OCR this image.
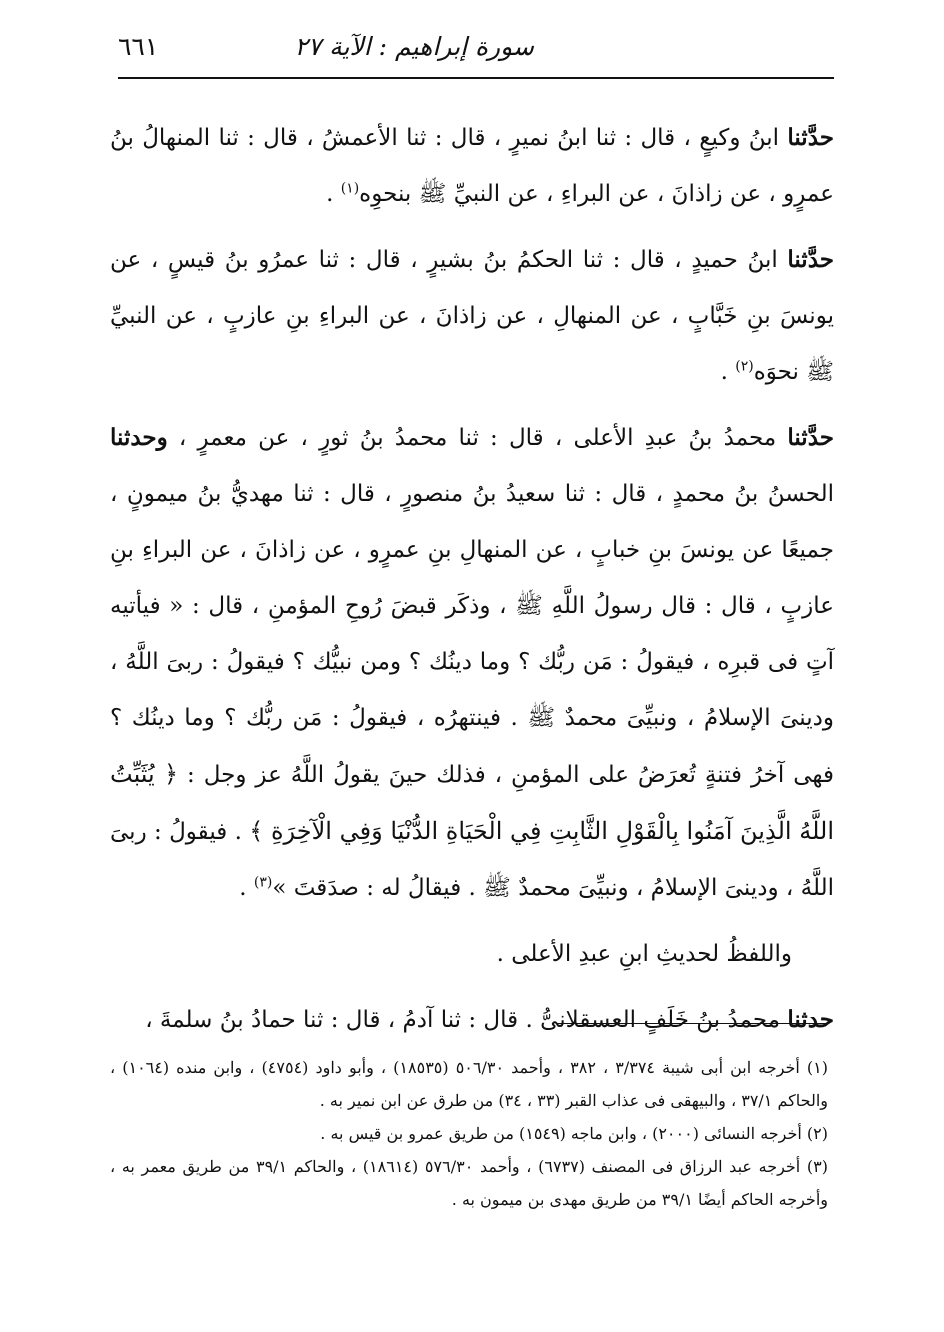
سورة إبراهيم : الآية ٢٧
٦٦١

حدَّثنا ابنُ وكيعٍ ، قال : ثنا ابنُ نميرٍ ، قال : ثنا الأعمشُ ، قال : ثنا المنهالُ بنُ عمرٍو ، عن زاذانَ ، عن البراءِ ، عن النبيِّ ﷺ بنحوِه$^{(١)}$ .

حدَّثنا ابنُ حميدٍ ، قال : ثنا الحكمُ بنُ بشيرٍ ، قال : ثنا عمرُو بنُ قيسٍ ، عن يونسَ بنِ خَبَّابٍ ، عن المنهالِ ، عن زاذانَ ، عن البراءِ بنِ عازبٍ ، عن النبيِّ ﷺ نحوَه$^{(٢)}$ .

حدَّثنا محمدُ بنُ عبدِ الأعلى ، قال : ثنا محمدُ بنُ ثورٍ ، عن معمرٍ ، وحدثنا الحسنُ بنُ محمدٍ ، قال : ثنا سعيدُ بنُ منصورٍ ، قال : ثنا مهديُّ بنُ ميمونٍ ، جميعًا عن يونسَ بنِ خبابٍ ، عن المنهالِ بنِ عمرٍو ، عن زاذانَ ، عن البراءِ بنِ عازبٍ ، قال : قال رسولُ اللَّهِ ﷺ ، وذكَر قبضَ رُوحِ المؤمنِ ، قال : « فيأتيه آتٍ فى قبرِه ، فيقولُ : مَن ربُّك ؟ وما دينُك ؟ ومن نبيُّك ؟ فيقولُ : ربىَ اللَّهُ ، ودينىَ الإسلامُ ، ونبيِّىَ محمدٌ ﷺ . فينتهرُه ، فيقولُ : مَن ربُّك ؟ وما دينُك ؟ فهى آخرُ فتنةٍ تُعرَضُ على المؤمنِ ، فذلك حينَ يقولُ اللَّهُ عز وجل : ﴿ يُثَبِّتُ اللَّهُ الَّذِينَ آمَنُوا بِالْقَوْلِ الثَّابِتِ فِي الْحَيَاةِ الدُّنْيَا وَفِي الْآخِرَةِ ﴾ . فيقولُ : ربىَ اللَّهُ ، ودينىَ الإسلامُ ، ونبيِّىَ محمدٌ ﷺ . فيقالُ له : صدَقتَ »$^{(٣)}$ .

واللفظُ لحديثِ ابنِ عبدِ الأعلى .

حدثنا محمدُ بنُ خَلَفٍ العسقلانىُّ . قال : ثنا آدمُ ، قال : ثنا حمادُ بنُ سلمةَ ،

(١) أخرجه ابن أبى شيبة ٣/٣٧٤ ، ٣٨٢ ، وأحمد ٥٠٦/٣٠ (١٨٥٣٥) ، وأبو داود (٤٧٥٤) ، وابن منده (١٠٦٤) ، والحاكم ٣٧/١ ، والبيهقى فى عذاب القبر (٣٣ ، ٣٤) من طرق عن ابن نمير به .

(٢) أخرجه النسائى (٢٠٠٠) ، وابن ماجه (١٥٤٩) من طريق عمرو بن قيس به .

(٣) أخرجه عبد الرزاق فى المصنف (٦٧٣٧) ، وأحمد ٥٧٦/٣٠ (١٨٦١٤) ، والحاكم ٣٩/١ من طريق معمر به ، وأخرجه الحاكم أيضًا ٣٩/١ من طريق مهدى بن ميمون به .
